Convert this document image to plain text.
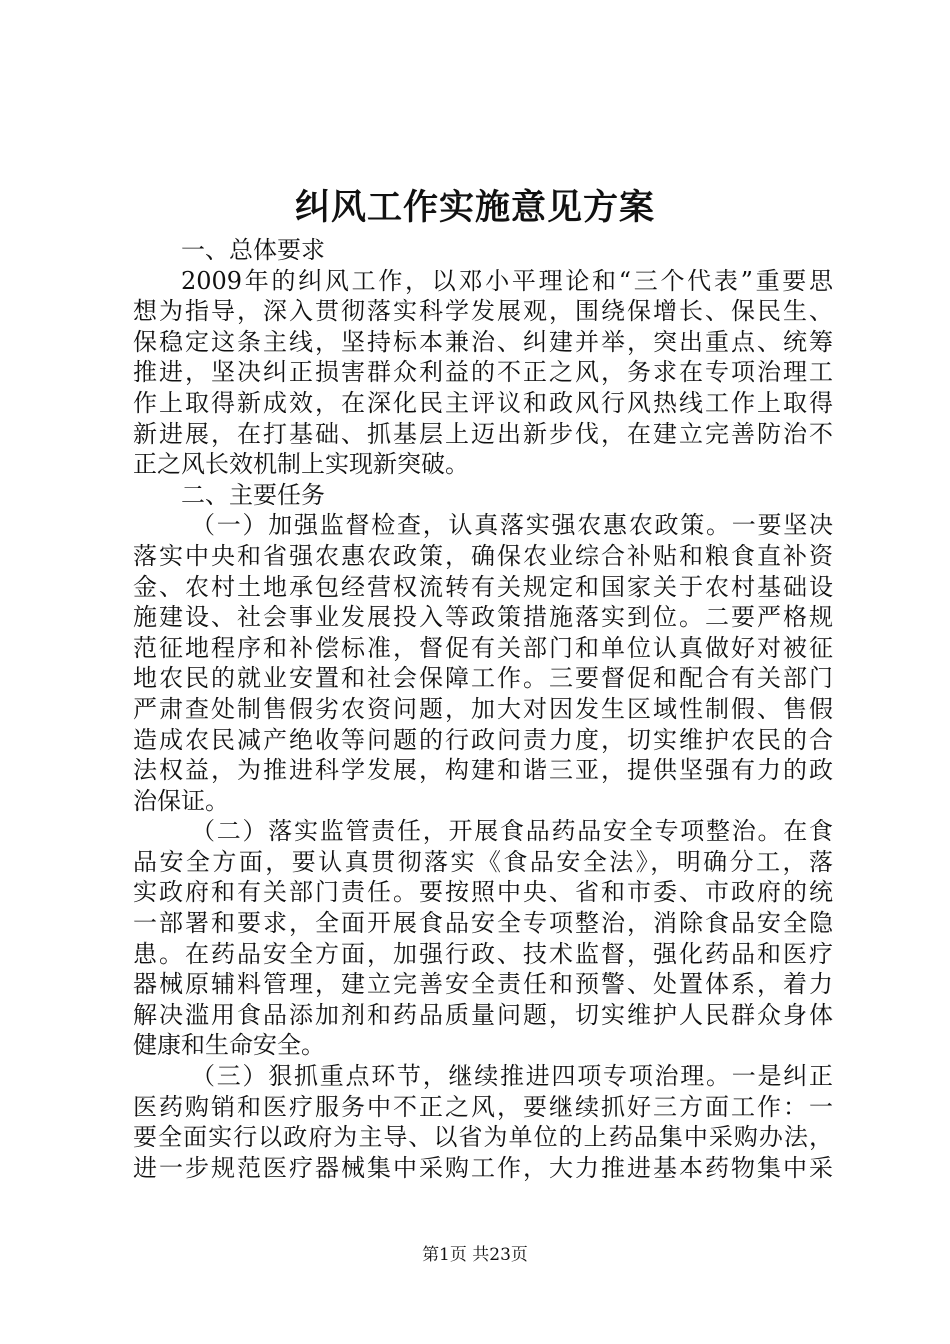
纠风工作实施意见方案
一、总体要求
2009年的纠风工作，以邓小平理论和“三个代表”重要思
想为指导，深入贯彻落实科学发展观，围绕保增长、保民生、
保稳定这条主线，坚持标本兼治、纠建并举，突出重点、统筹
推进，坚决纠正损害群众利益的不正之风，务求在专项治理工
作上取得新成效，在深化民主评议和政风行风热线工作上取得
新进展，在打基础、抓基层上迈出新步伐，在建立完善防治不
正之风长效机制上实现新突破。
二、主要任务
（一）加强监督检查，认真落实强农惠农政策。一要坚决
落实中央和省强农惠农政策，确保农业综合补贴和粮食直补资
金、农村土地承包经营权流转有关规定和国家关于农村基础设
施建设、社会事业发展投入等政策措施落实到位。二要严格规
范征地程序和补偿标准，督促有关部门和单位认真做好对被征
地农民的就业安置和社会保障工作。三要督促和配合有关部门
严肃查处制售假劣农资问题，加大对因发生区域性制假、售假
造成农民减产绝收等问题的行政问责力度，切实维护农民的合
法权益，为推进科学发展，构建和谐三亚，提供坚强有力的政
治保证。
（二）落实监管责任，开展食品药品安全专项整治。在食
品安全方面，要认真贯彻落实《食品安全法》，明确分工，落
实政府和有关部门责任。要按照中央、省和市委、市政府的统
一部署和要求，全面开展食品安全专项整治，消除食品安全隐
患。在药品安全方面，加强行政、技术监督，强化药品和医疗
器械原辅料管理，建立完善安全责任和预警、处置体系，着力
解决滥用食品添加剂和药品质量问题，切实维护人民群众身体
健康和生命安全。
（三）狠抓重点环节，继续推进四项专项治理。一是纠正
医药购销和医疗服务中不正之风，要继续抓好三方面工作：一
要全面实行以政府为主导、以省为单位的上药品集中采购办法，
进一步规范医疗器械集中采购工作，大力推进基本药物集中采
第1页 共23页
